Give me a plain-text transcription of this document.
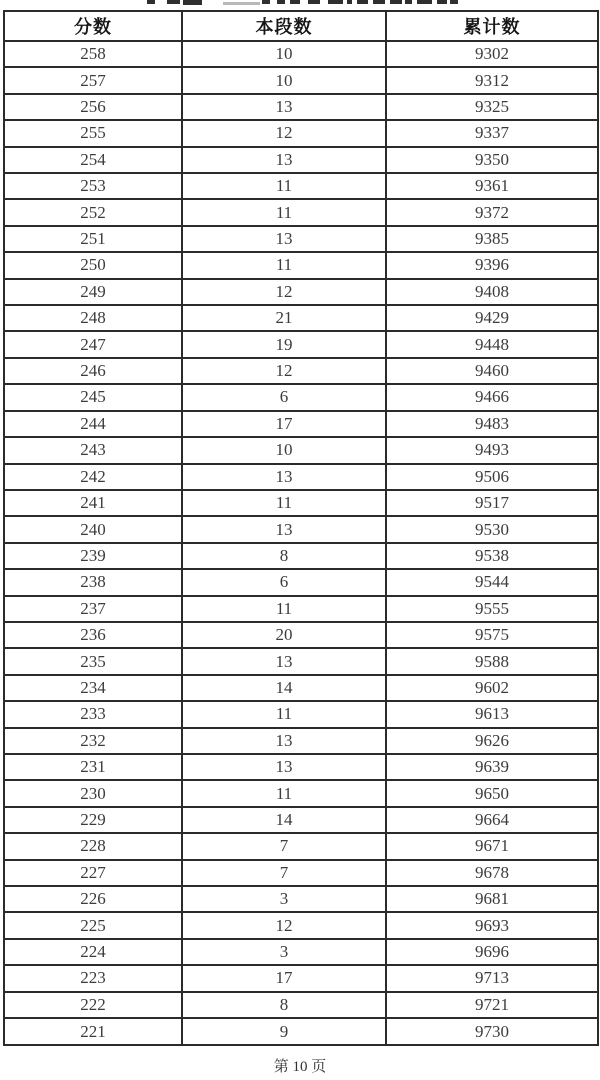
分数	本段数	累计数
258	10	9302
257	10	9312
256	13	9325
255	12	9337
254	13	9350
253	11	9361
252	11	9372
251	13	9385
250	11	9396
249	12	9408
248	21	9429
247	19	9448
246	12	9460
245	6	9466
244	17	9483
243	10	9493
242	13	9506
241	11	9517
240	13	9530
239	8	9538
238	6	9544
237	11	9555
236	20	9575
235	13	9588
234	14	9602
233	11	9613
232	13	9626
231	13	9639
230	11	9650
229	14	9664
228	7	9671
227	7	9678
226	3	9681
225	12	9693
224	3	9696
223	17	9713
222	8	9721
221	9	9730
第 10 页
